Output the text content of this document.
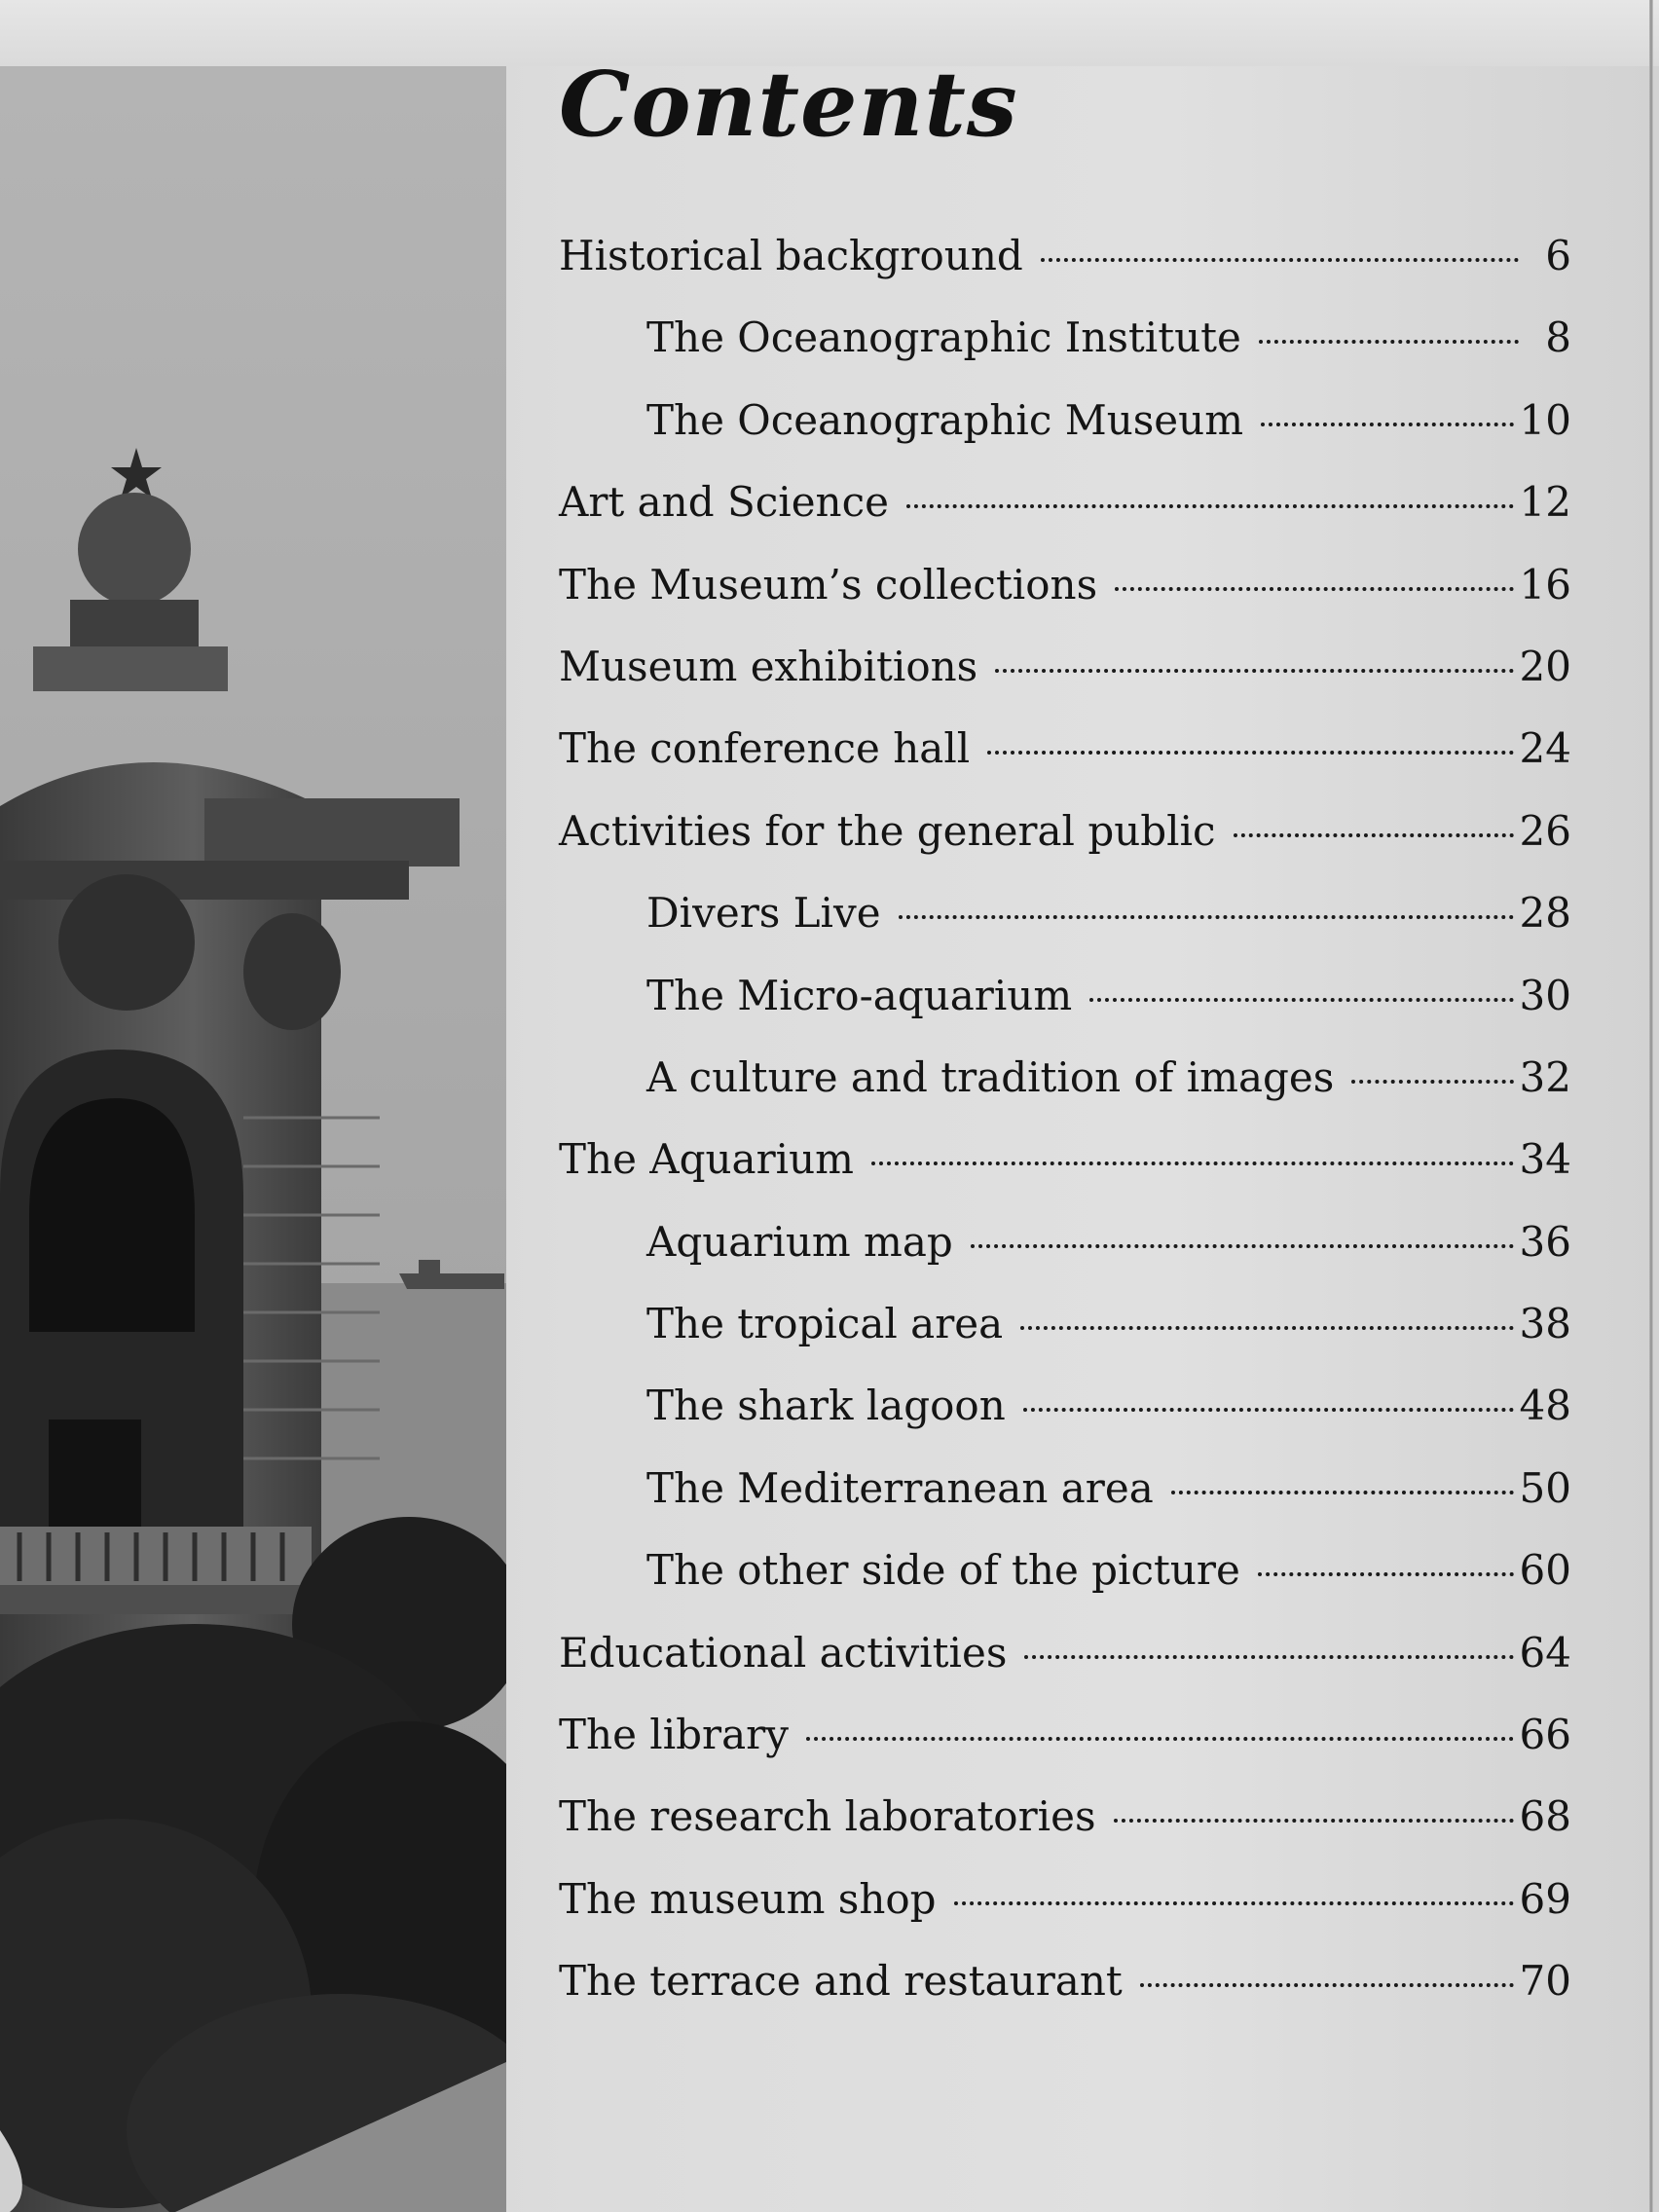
Contents
Historical background	6
The Oceanographic Institute	8
The Oceanographic Museum	10
Art and Science	12
The Museum’s collections	16
Museum exhibitions	20
The conference hall	24
Activities for the general public	26
Divers Live	28
The Micro-aquarium	30
A culture and tradition of images	32
The Aquarium	34
Aquarium map	36
The tropical area	38
The shark lagoon	48
The Mediterranean area	50
The other side of the picture	60
Educational activities	64
The library	66
The research laboratories	68
The museum shop	69
The terrace and restaurant	70
